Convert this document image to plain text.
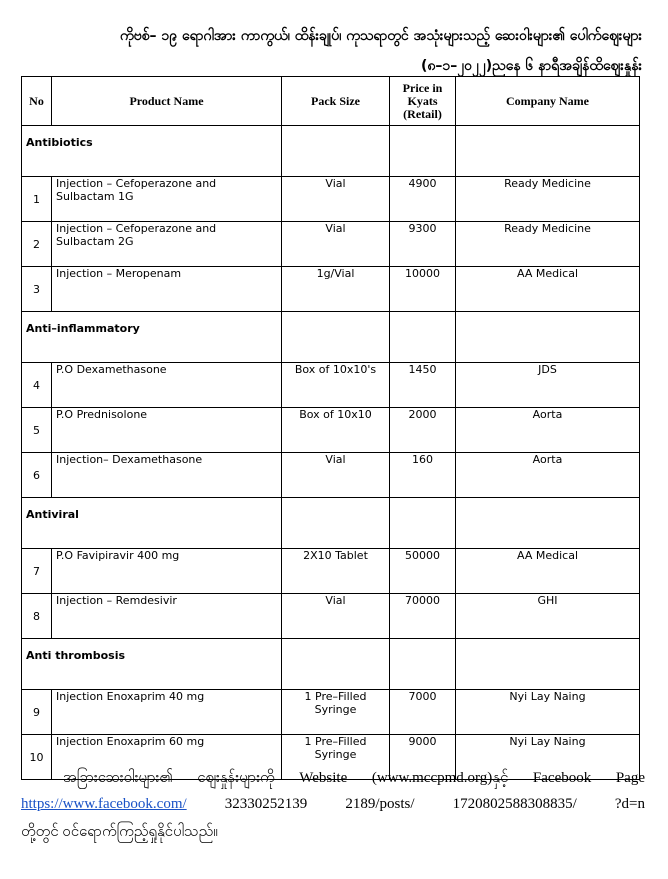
ကိုဗစ်– ၁၉ ရောဂါအား ကာကွယ်၊ ထိန်းချုပ်၊ ကုသရာတွင် အသုံးများသည့် ဆေးဝါးများ၏ ပေါက်ဈေးများ
(၈–၁–၂၀၂၂)ညနေ ၆ နာရီအချိန်ထိဈေးနှုန်း
No	Product Name	Pack Size	Price in Kyats (Retail)	Company Name
Antibiotics				
1	Injection – Cefoperazone and Sulbactam 1G	Vial	4900	Ready Medicine
2	Injection – Cefoperazone and Sulbactam 2G	Vial	9300	Ready Medicine
3	Injection – Meropenam	1g/Vial	10000	AA Medical
Anti–inflammatory				
4	P.O Dexamethasone	Box of 10x10's	1450	JDS
5	P.O Prednisolone	Box of 10x10	2000	Aorta
6	Injection– Dexamethasone	Vial	160	Aorta
Antiviral				
7	P.O Favipiravir 400 mg	2X10 Tablet	50000	AA Medical
8	Injection – Remdesivir	Vial	70000	GHI
Anti thrombosis				
9	Injection Enoxaprim 40 mg	1 Pre–Filled Syringe	7000	Nyi Lay Naing
10	Injection Enoxaprim 60 mg	1 Pre–Filled Syringe	9000	Nyi Lay Naing
အခြားဆေးဝါးများ၏ ဈေးနှုန်းများကို Website (www.mccpmd.org)နှင့် Facebook Page
https://www.facebook.com/	32330252139 2189/posts/ 1720802588308835/ ?d=n
တို့တွင် ဝင်ရောက်ကြည့်ရှုနိုင်ပါသည်။
